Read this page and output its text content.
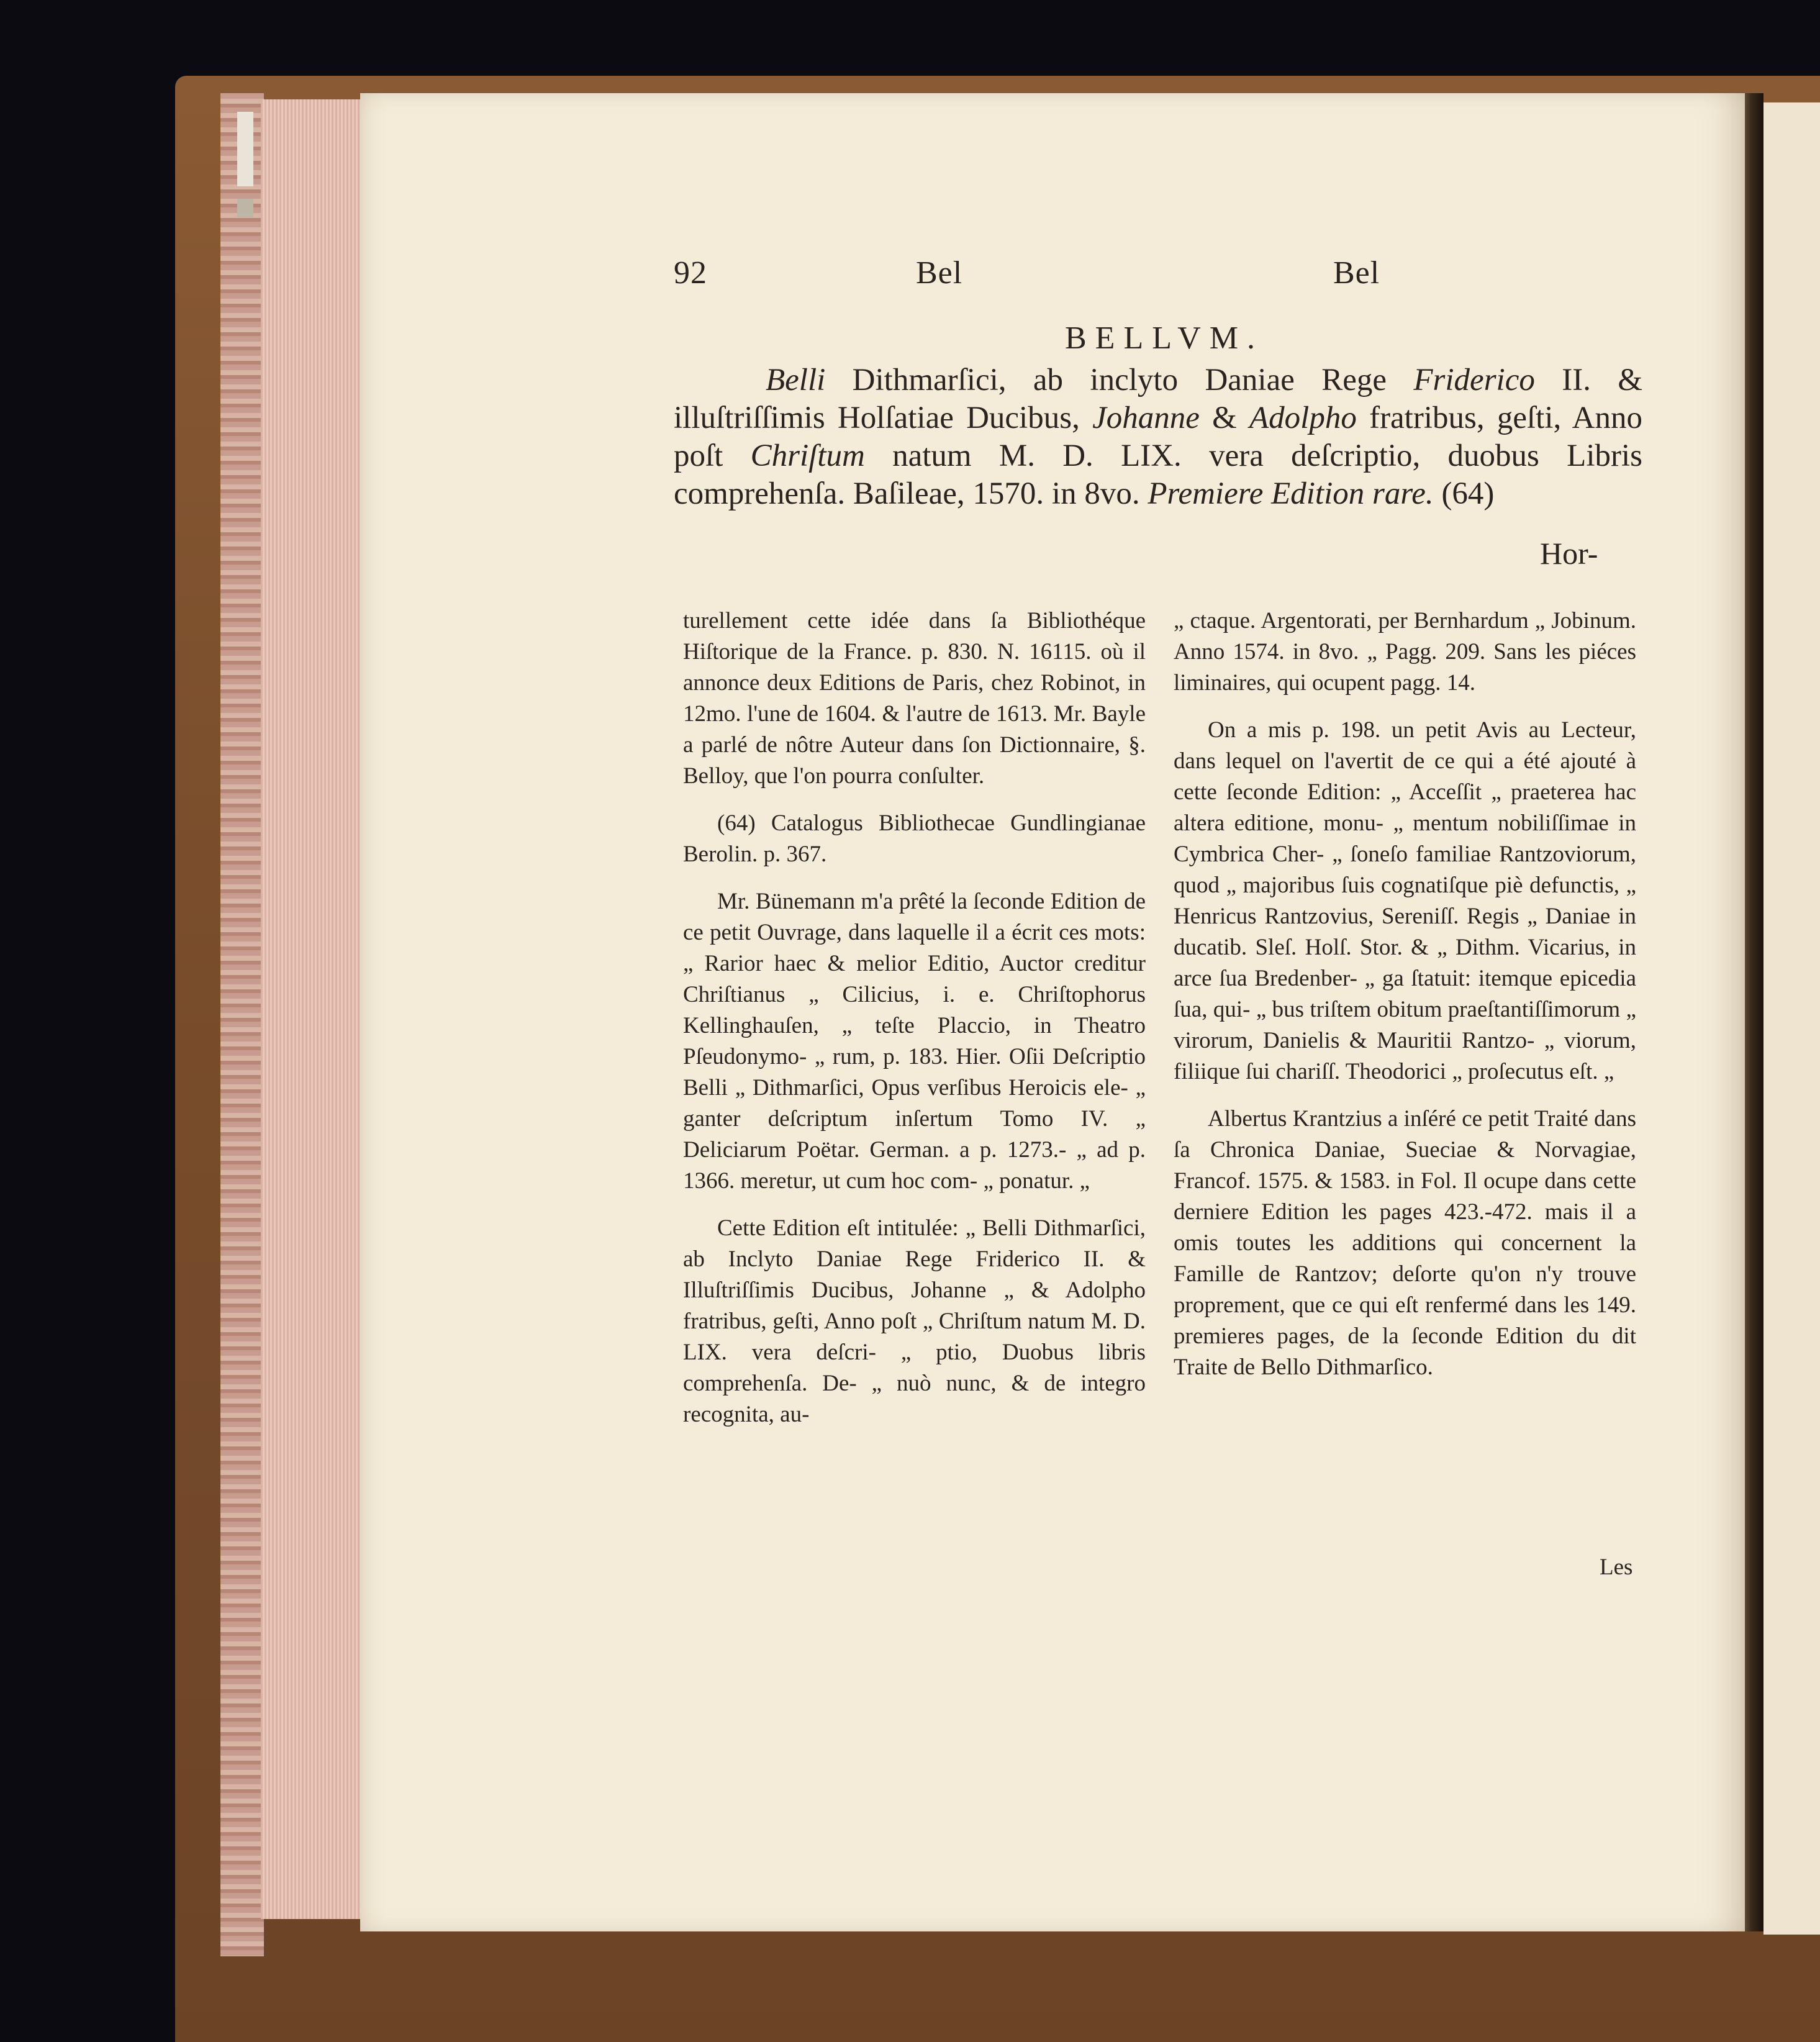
92	Bel	Bel
BELLVM.
Belli Dithmarſici, ab inclyto Daniae Rege Friderico II. & illuſtriſſimis Holſatiae Ducibus, Johanne & Adolpho fratribus, geſti, Anno poſt Chriſtum natum M. D. LIX. vera deſcriptio, duobus Libris comprehenſa. Baſileae, 1570. in 8vo. Premiere Edition rare. (64)
Hor-

turellement cette idée dans ſa Bibliothéque Hiſtorique de la France. p. 830. N. 16115. où il annonce deux Editions de Paris, chez Robinot, in 12mo. l'une de 1604. & l'autre de 1613. Mr. Bayle a parlé de nôtre Auteur dans ſon Dictionnaire, §. Belloy, que l'on pourra conſulter.

(64) Catalogus Bibliothecae Gundlingianae Berolin. p. 367.

Mr. Bünemann m'a prêté la ſeconde Edition de ce petit Ouvrage, dans laquelle il a écrit ces mots: „ Rarior haec & melior Editio, Auctor creditur Chriſtianus „ Cilicius, i. e. Chriſtophorus Kellinghauſen, „ teſte Placcio, in Theatro Pſeudonymo- „ rum, p. 183. Hier. Oſii Deſcriptio Belli „ Dithmarſici, Opus verſibus Heroicis ele- „ ganter deſcriptum inſertum Tomo IV. „ Deliciarum Poëtar. German. a p. 1273.- „ ad p. 1366. meretur, ut cum hoc com- „ ponatur. „

Cette Edition eſt intitulée: „ Belli Dithmarſici, ab Inclyto Daniae Rege Friderico II. & Illuſtriſſimis Ducibus, Johanne „ & Adolpho fratribus, geſti, Anno poſt „ Chriſtum natum M. D. LIX. vera deſcri- „ ptio, Duobus libris comprehenſa. De- „ nuò nunc, & de integro recognita, au-

„ ctaque. Argentorati, per Bernhardum „ Jobinum. Anno 1574. in 8vo. „ Pagg. 209. Sans les piéces liminaires, qui ocupent pagg. 14.

On a mis p. 198. un petit Avis au Lecteur, dans lequel on l'avertit de ce qui a été ajouté à cette ſeconde Edition: „ Acceſſit „ praeterea hac altera editione, monu- „ mentum nobiliſſimae in Cymbrica Cher- „ ſoneſo familiae Rantzoviorum, quod „ majoribus ſuis cognatiſque piè defunctis, „ Henricus Rantzovius, Sereniſſ. Regis „ Daniae in ducatib. Sleſ. Holſ. Stor. & „ Dithm. Vicarius, in arce ſua Bredenber- „ ga ſtatuit: itemque epicedia ſua, qui- „ bus triſtem obitum praeſtantiſſimorum „ virorum, Danielis & Mauritii Rantzo- „ viorum, filiique ſui chariſſ. Theodorici „ proſecutus eſt. „

Albertus Krantzius a inſéré ce petit Traité dans ſa Chronica Daniae, Sueciae & Norvagiae, Francof. 1575. & 1583. in Fol. Il ocupe dans cette derniere Edition les pages 423.-472. mais il a omis toutes les additions qui concernent la Famille de Rantzov; deſorte qu'on n'y trouve proprement, que ce qui eſt renfermé dans les 149. premieres pages, de la ſeconde Edition du dit Traite de Bello Dithmarſico.

Les
